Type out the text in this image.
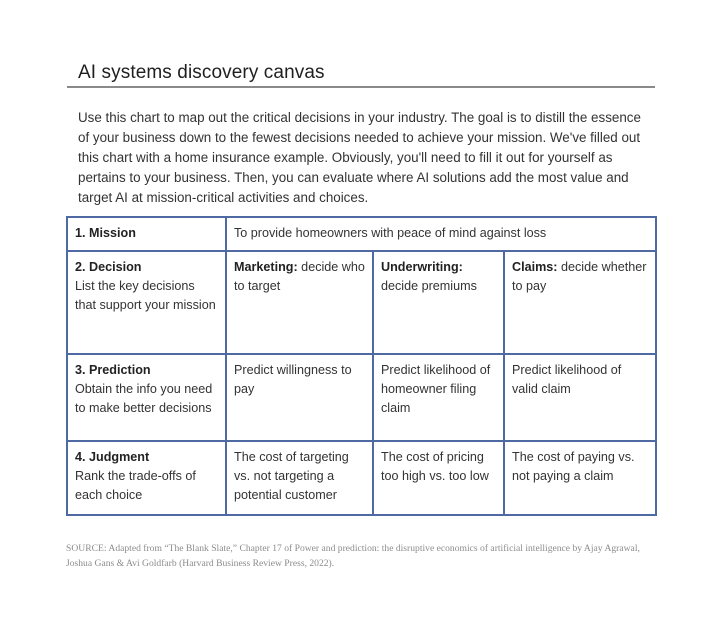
AI systems discovery canvas
Use this chart to map out the critical decisions in your industry. The goal is to distill the essence of your business down to the fewest decisions needed to achieve your mission. We've filled out this chart with a home insurance example. Obviously, you'll need to fill it out for yourself as pertains to your business. Then, you can evaluate where AI solutions add the most value and target AI at mission-critical activities and choices.
1. Mission	To provide homeowners with peace of mind against loss		

2. Decision
List the key decisions that support your mission	Marketing: decide who to target	Underwriting: decide premiums	Claims: decide whether to pay

3. Prediction
Obtain the info you need to make better decisions	Predict willingness to pay	Predict likelihood of homeowner filing claim	Predict likelihood of valid claim

4. Judgment
Rank the trade-offs of each choice	The cost of targeting vs. not targeting a potential customer	The cost of pricing too high vs. too low	The cost of paying vs. not paying a claim
SOURCE: Adapted from “The Blank Slate,” Chapter 17 of Power and prediction: the disruptive economics of artificial intelligence by Ajay Agrawal, Joshua Gans & Avi Goldfarb (Harvard Business Review Press, 2022).
